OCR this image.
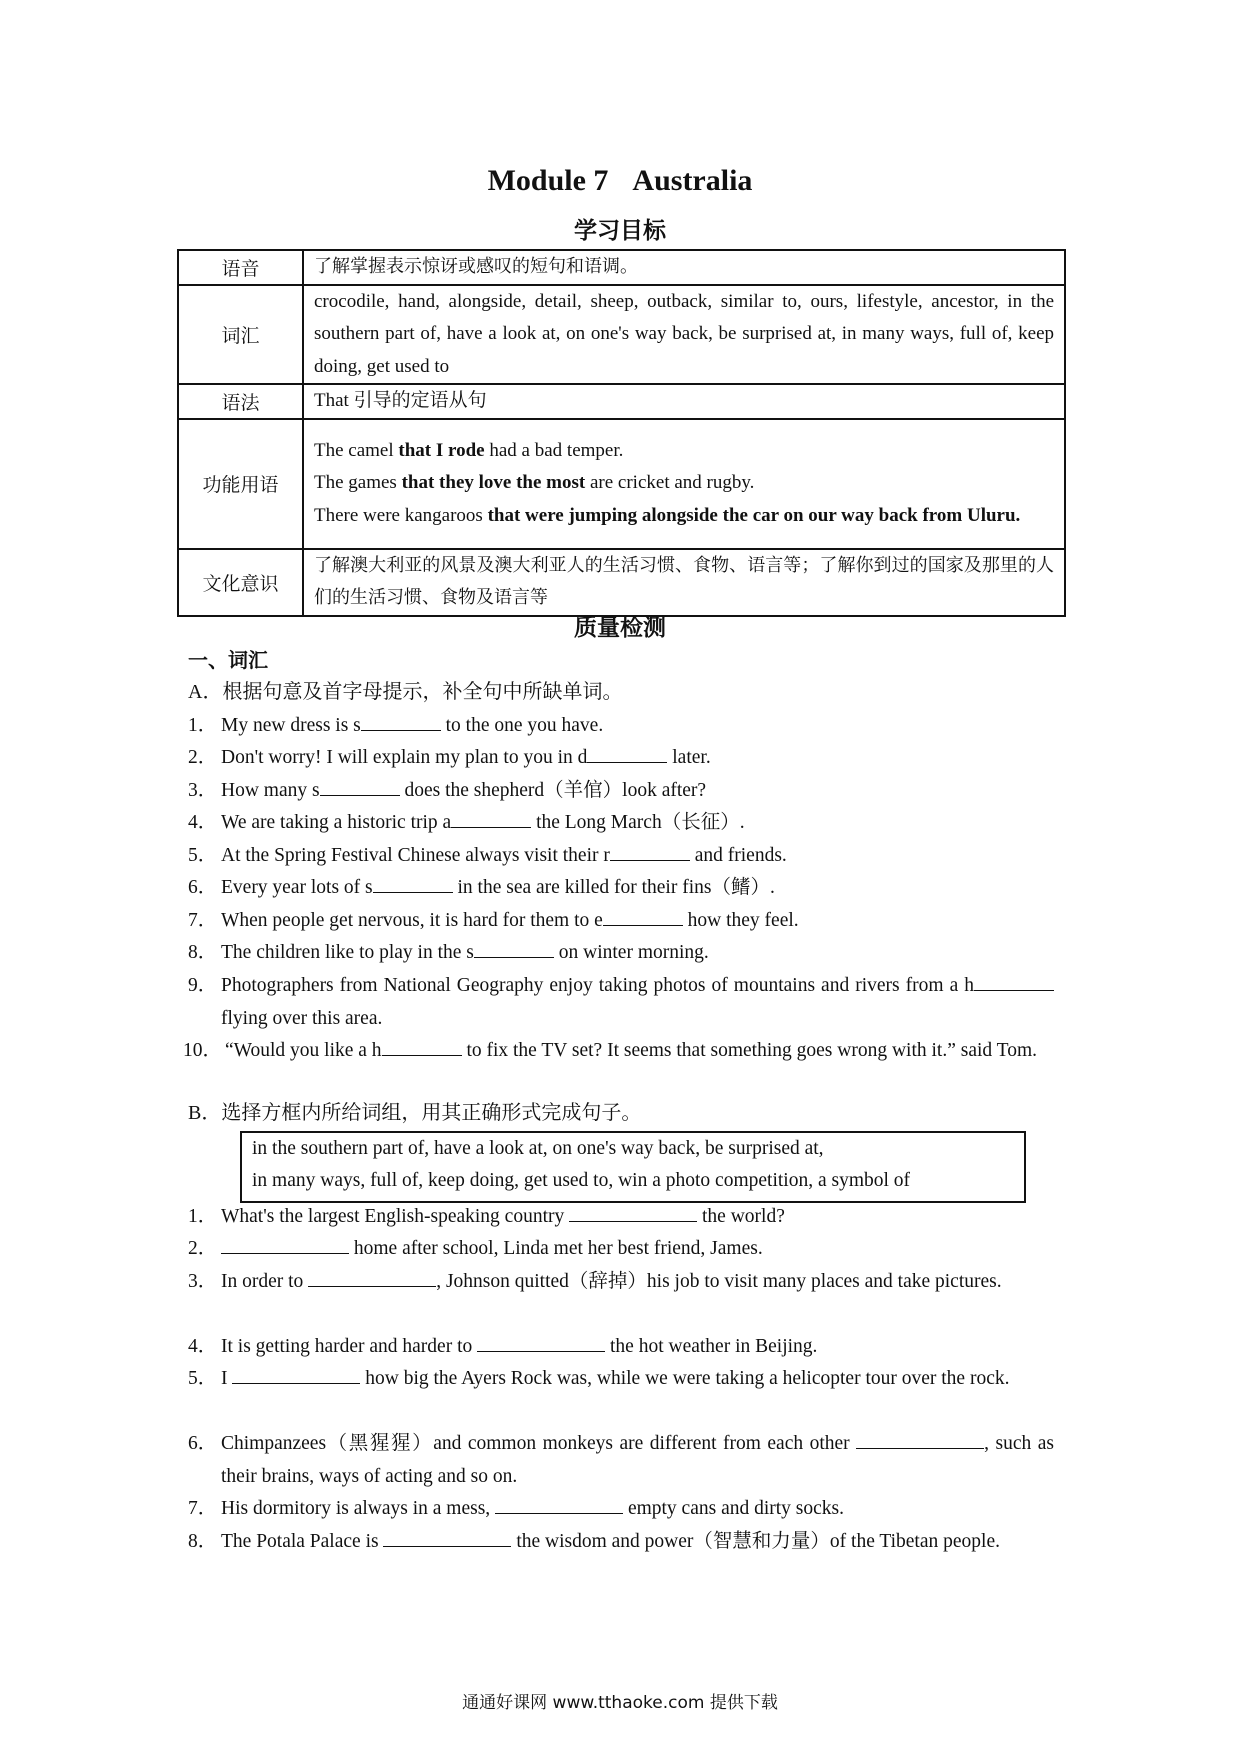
Module 7 Australia
学习目标
语音	了解掌握表示惊讶或感叹的短句和语调。
词汇	crocodile, hand, alongside, detail, sheep, outback, similar to, ours, lifestyle, ancestor, in the southern part of, have a look at, on one's way back, be surprised at, in many ways, full of, keep doing, get used to
语法	That 引导的定语从句
功能用语	The camel that I rode had a bad temper.
The games that they love the most are cricket and rugby.
There were kangaroos that were jumping alongside the car on our way back from Uluru.

文化意识	了解澳大利亚的风景及澳大利亚人的生活习惯、食物、语言等；了解你到过的国家及那里的人们的生活习惯、食物及语言等
质量检测
一、词汇
A．根据句意及首字母提示，补全句中所缺单词。
1． My new dress is s	to the one you have.
2． Don't worry! I will explain my plan to you in d	later.
3． How many s	does the shepherd（羊倌）look after?
4． We are taking a historic trip a	the Long March（长征）.
5． At the Spring Festival Chinese always visit their r	and friends.
6． Every year lots of s	in the sea are killed for their fins（鳍）.
7． When people get nervous, it is hard for them to e	how they feel.
8． The children like to play in the s	on winter morning.
9． Photographers from National Geography enjoy taking photos of mountains and rivers from a h flying over this area.
10． “Would you like a h	to fix the TV set? It seems that something goes wrong with it.” said Tom.
B．选择方框内所给词组，用其正确形式完成句子。
in the southern part of, have a look at, on one's way back, be surprised at,
in many ways, full of, keep doing, get used to, win a photo competition, a symbol of
1． What's the largest English-speaking country	the world?
2．	home after school, Linda met her best friend, James.
3． In order to	, Johnson quitted（辞掉）his job to visit many places and take pictures.
4． It is getting harder and harder to	the hot weather in Beijing.
5． I	how big the Ayers Rock was, while we were taking a helicopter tour over the rock.
6． Chimpanzees（黑猩猩）and common monkeys are different from each other	, such as their brains, ways of acting and so on.
7． His dormitory is always in a mess,	empty cans and dirty socks.
8． The Potala Palace is	the wisdom and power（智慧和力量）of the Tibetan people.
通通好课网 www.tthaoke.com 提供下载
